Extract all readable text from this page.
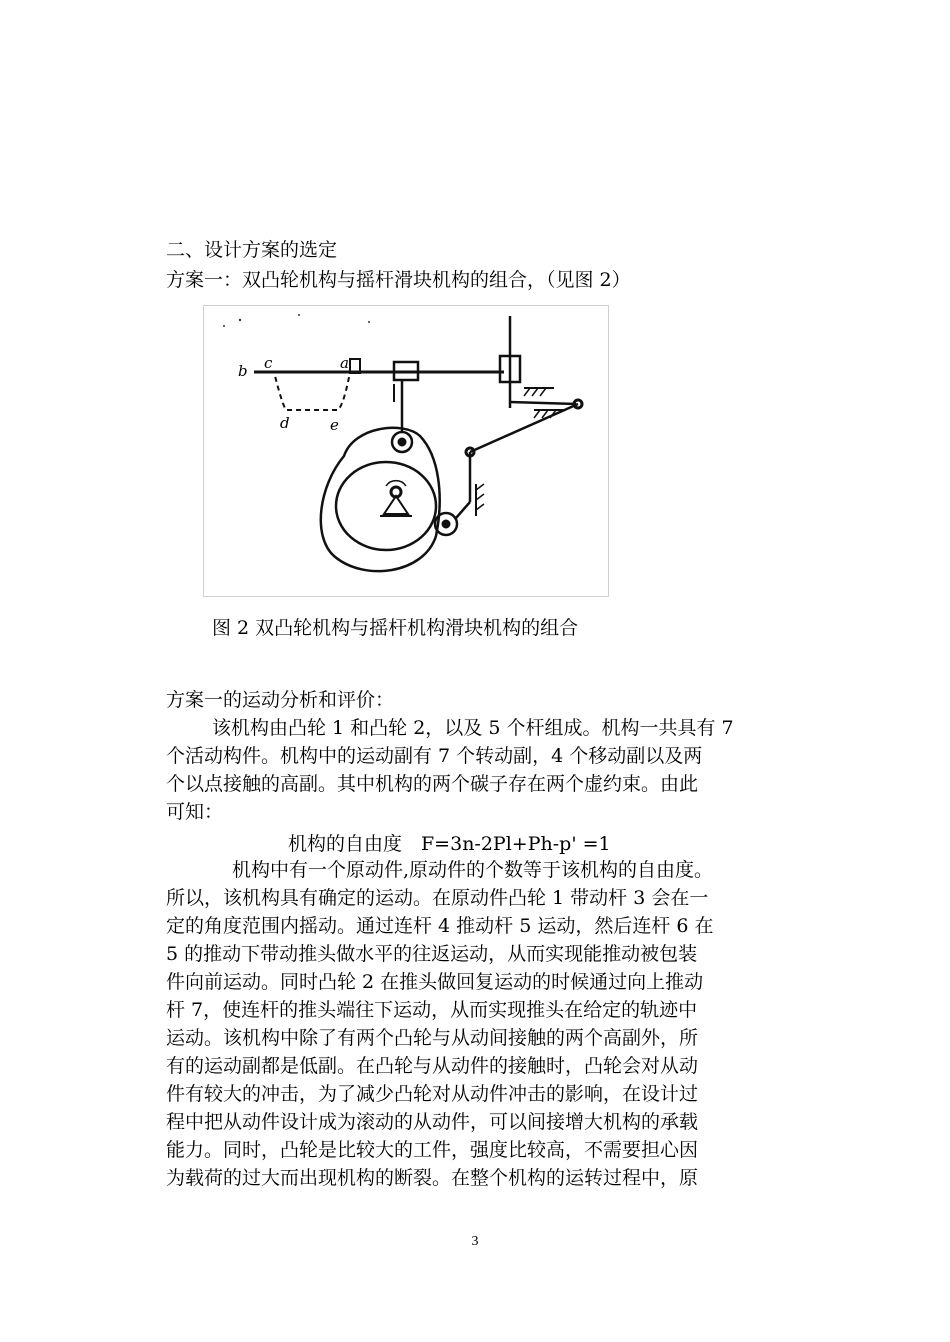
二、设计方案的选定
方案一：双凸轮机构与摇杆滑块机构的组合，（见图 2）
b c	a
d	e
图 2 双凸轮机构与摇杆机构滑块机构的组合
方案一的运动分析和评价：
该机构由凸轮 1 和凸轮 2，以及 5 个杆组成。机构一共具有 7
个活动构件。机构中的运动副有 7 个转动副，4 个移动副以及两
个以点接触的高副。其中机构的两个碳子存在两个虚约束。由此
可知：
机构的自由度　F=3n-2Pl+Ph-p' =1
机构中有一个原动件,原动件的个数等于该机构的自由度。
所以，该机构具有确定的运动。在原动件凸轮 1 带动杆 3 会在一
定的角度范围内摇动。通过连杆 4 推动杆 5 运动，然后连杆 6 在
5 的推动下带动推头做水平的往返运动，从而实现能推动被包装
件向前运动。同时凸轮 2 在推头做回复运动的时候通过向上推动
杆 7，使连杆的推头端往下运动，从而实现推头在给定的轨迹中
运动。该机构中除了有两个凸轮与从动间接触的两个高副外，所
有的运动副都是低副。在凸轮与从动件的接触时，凸轮会对从动
件有较大的冲击，为了减少凸轮对从动件冲击的影响，在设计过
程中把从动件设计成为滚动的从动件，可以间接增大机构的承载
能力。同时，凸轮是比较大的工件，强度比较高，不需要担心因
为载荷的过大而出现机构的断裂。在整个机构的运转过程中，原
3
